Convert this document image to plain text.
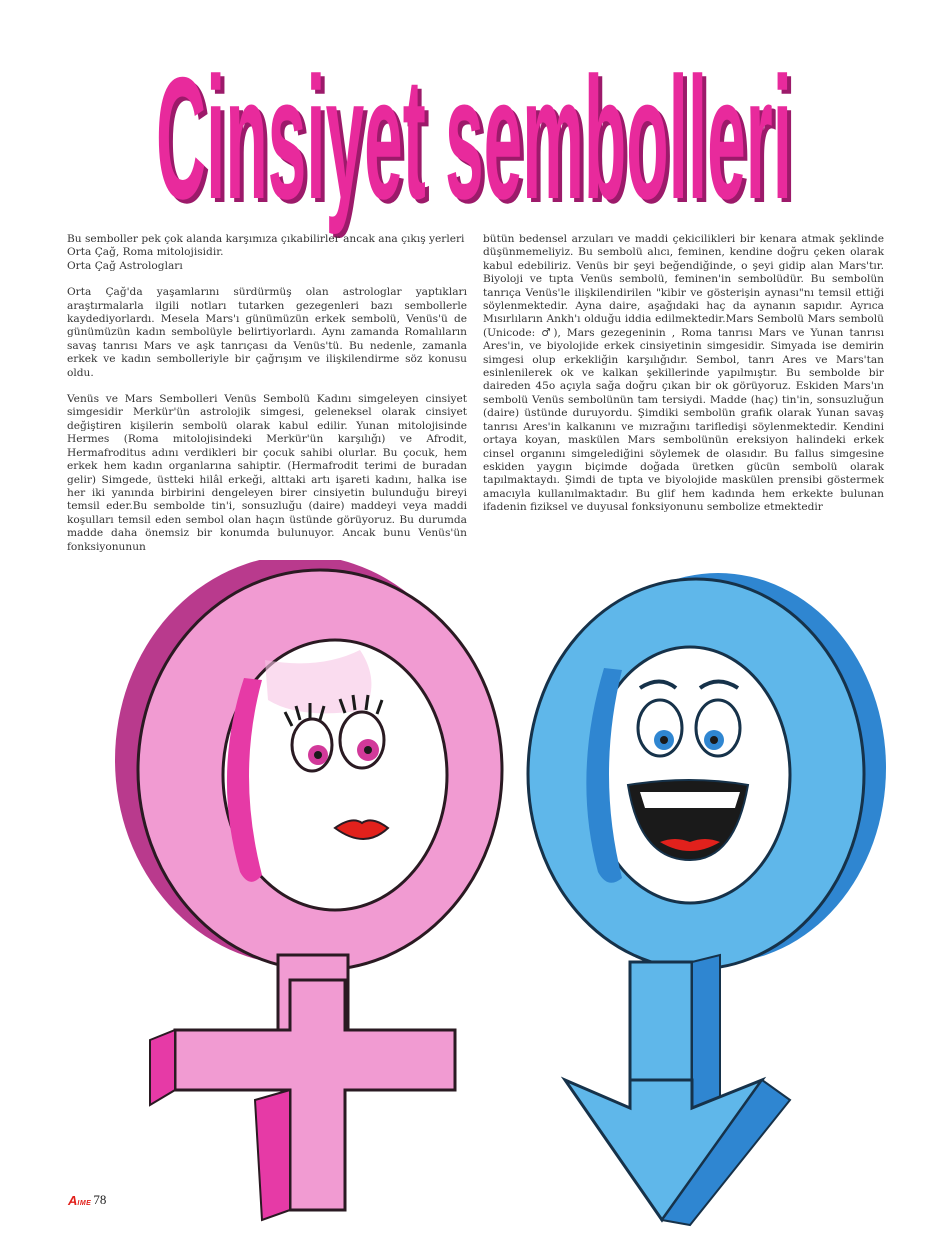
Cinsiyet sembolleri
Cinsiyet sembolleri

Bu semboller pek çok alanda karşımıza çıkabilirler ancak ana çıkış yerleri
Orta Çağ, Roma mitolojisidir.
Orta Çağ Astrologları

Orta Çağ'da yaşamlarını sürdürmüş olan astrologlar yaptıkları araştırmalarla ilgili notları tutarken gezegenleri bazı sembollerle kaydediyorlardı. Mesela Mars'ı günümüzün erkek sembolü, Venüs'ü de günümüzün kadın sembolüyle belirtiyorlardı. Aynı zamanda Romalıların savaş tanrısı Mars ve aşk tanrıçası da Venüs'tü. Bu nedenle, zamanla erkek ve kadın sembolleriyle bir çağrışım ve ilişkilendirme söz konusu oldu.

Venüs ve Mars Sembolleri Venüs Sembolü Kadını simgeleyen cinsiyet simgesidir Merkür'ün astrolojik simgesi, geleneksel olarak cinsiyet değiştiren kişilerin sembolü olarak kabul edilir. Yunan mitolojisinde Hermes (Roma mitolojisindeki Merkür'ün karşılığı) ve Afrodit, Hermafroditus adını verdikleri bir çocuk sahibi olurlar. Bu çocuk, hem erkek hem kadın organlarına sahiptir. (Hermafrodit terimi de buradan gelir) Simgede, üstteki hilâl erkeği, alttaki artı işareti kadını, halka ise her iki yanında birbirini dengeleyen birer cinsiyetin bulunduğu bireyi temsil eder.Bu sembolde tin'i, sonsuzluğu (daire) maddeyi veya maddi koşulları temsil eden sembol olan haçın üstünde görüyoruz. Bu durumda madde daha önemsiz bir konumda bulunuyor. Ancak bunu Venüs'ün fonksiyonunun

bütün bedensel arzuları ve maddi çekicilikleri bir kenara atmak şeklinde düşünmemeliyiz. Bu sembolü alıcı, feminen, kendine doğru çeken olarak kabul edebiliriz. Venüs bir şeyi beğendiğinde, o şeyi gidip alan Mars'tır. Biyoloji ve tıpta Venüs sembolü, feminen'in sembolüdür. Bu sembolün tanrıça Venüs'le ilişkilendirilen "kibir ve gösterişin aynası"nı temsil ettiği söylenmektedir. Ayna daire, aşağıdaki haç da aynanın sapıdır. Ayrıca Mısırlıların Ankh'ı olduğu iddia edilmektedir.Mars Sembolü Mars sembolü (Unicode: ♂), Mars gezegeninin , Roma tanrısı Mars ve Yunan tanrısı Ares'in, ve biyolojide erkek cinsiyetinin simgesidir. Simyada ise demirin simgesi olup erkekliğin karşılığıdır. Sembol, tanrı Ares ve Mars'tan esinlenilerek ok ve kalkan şekillerinde yapılmıştır. Bu sembolde bir daireden 45o açıyla sağa doğru çıkan bir ok görüyoruz. Eskiden Mars'ın sembolü Venüs sembolünün tam tersiydi. Madde (haç) tin'in, sonsuzluğun (daire) üstünde duruyordu. Şimdiki sembolün grafik olarak Yunan savaş tanrısı Ares'in kalkanını ve mızrağını tarifledişi söylenmektedir. Kendini ortaya koyan, maskülen Mars sembolünün ereksiyon halindeki erkek cinsel organını simgelediğini söylemek de olasıdır. Bu fallus simgesine eskiden yaygın biçimde doğada üretken gücün sembolü olarak tapılmaktaydı. Şimdi de tıpta ve biyolojide maskülen prensibi göstermek amacıyla kullanılmaktadır. Bu glif hem kadında hem erkekte bulunan ifadenin fiziksel ve duyusal fonksiyonunu sembolize etmektedir

AIME 78
